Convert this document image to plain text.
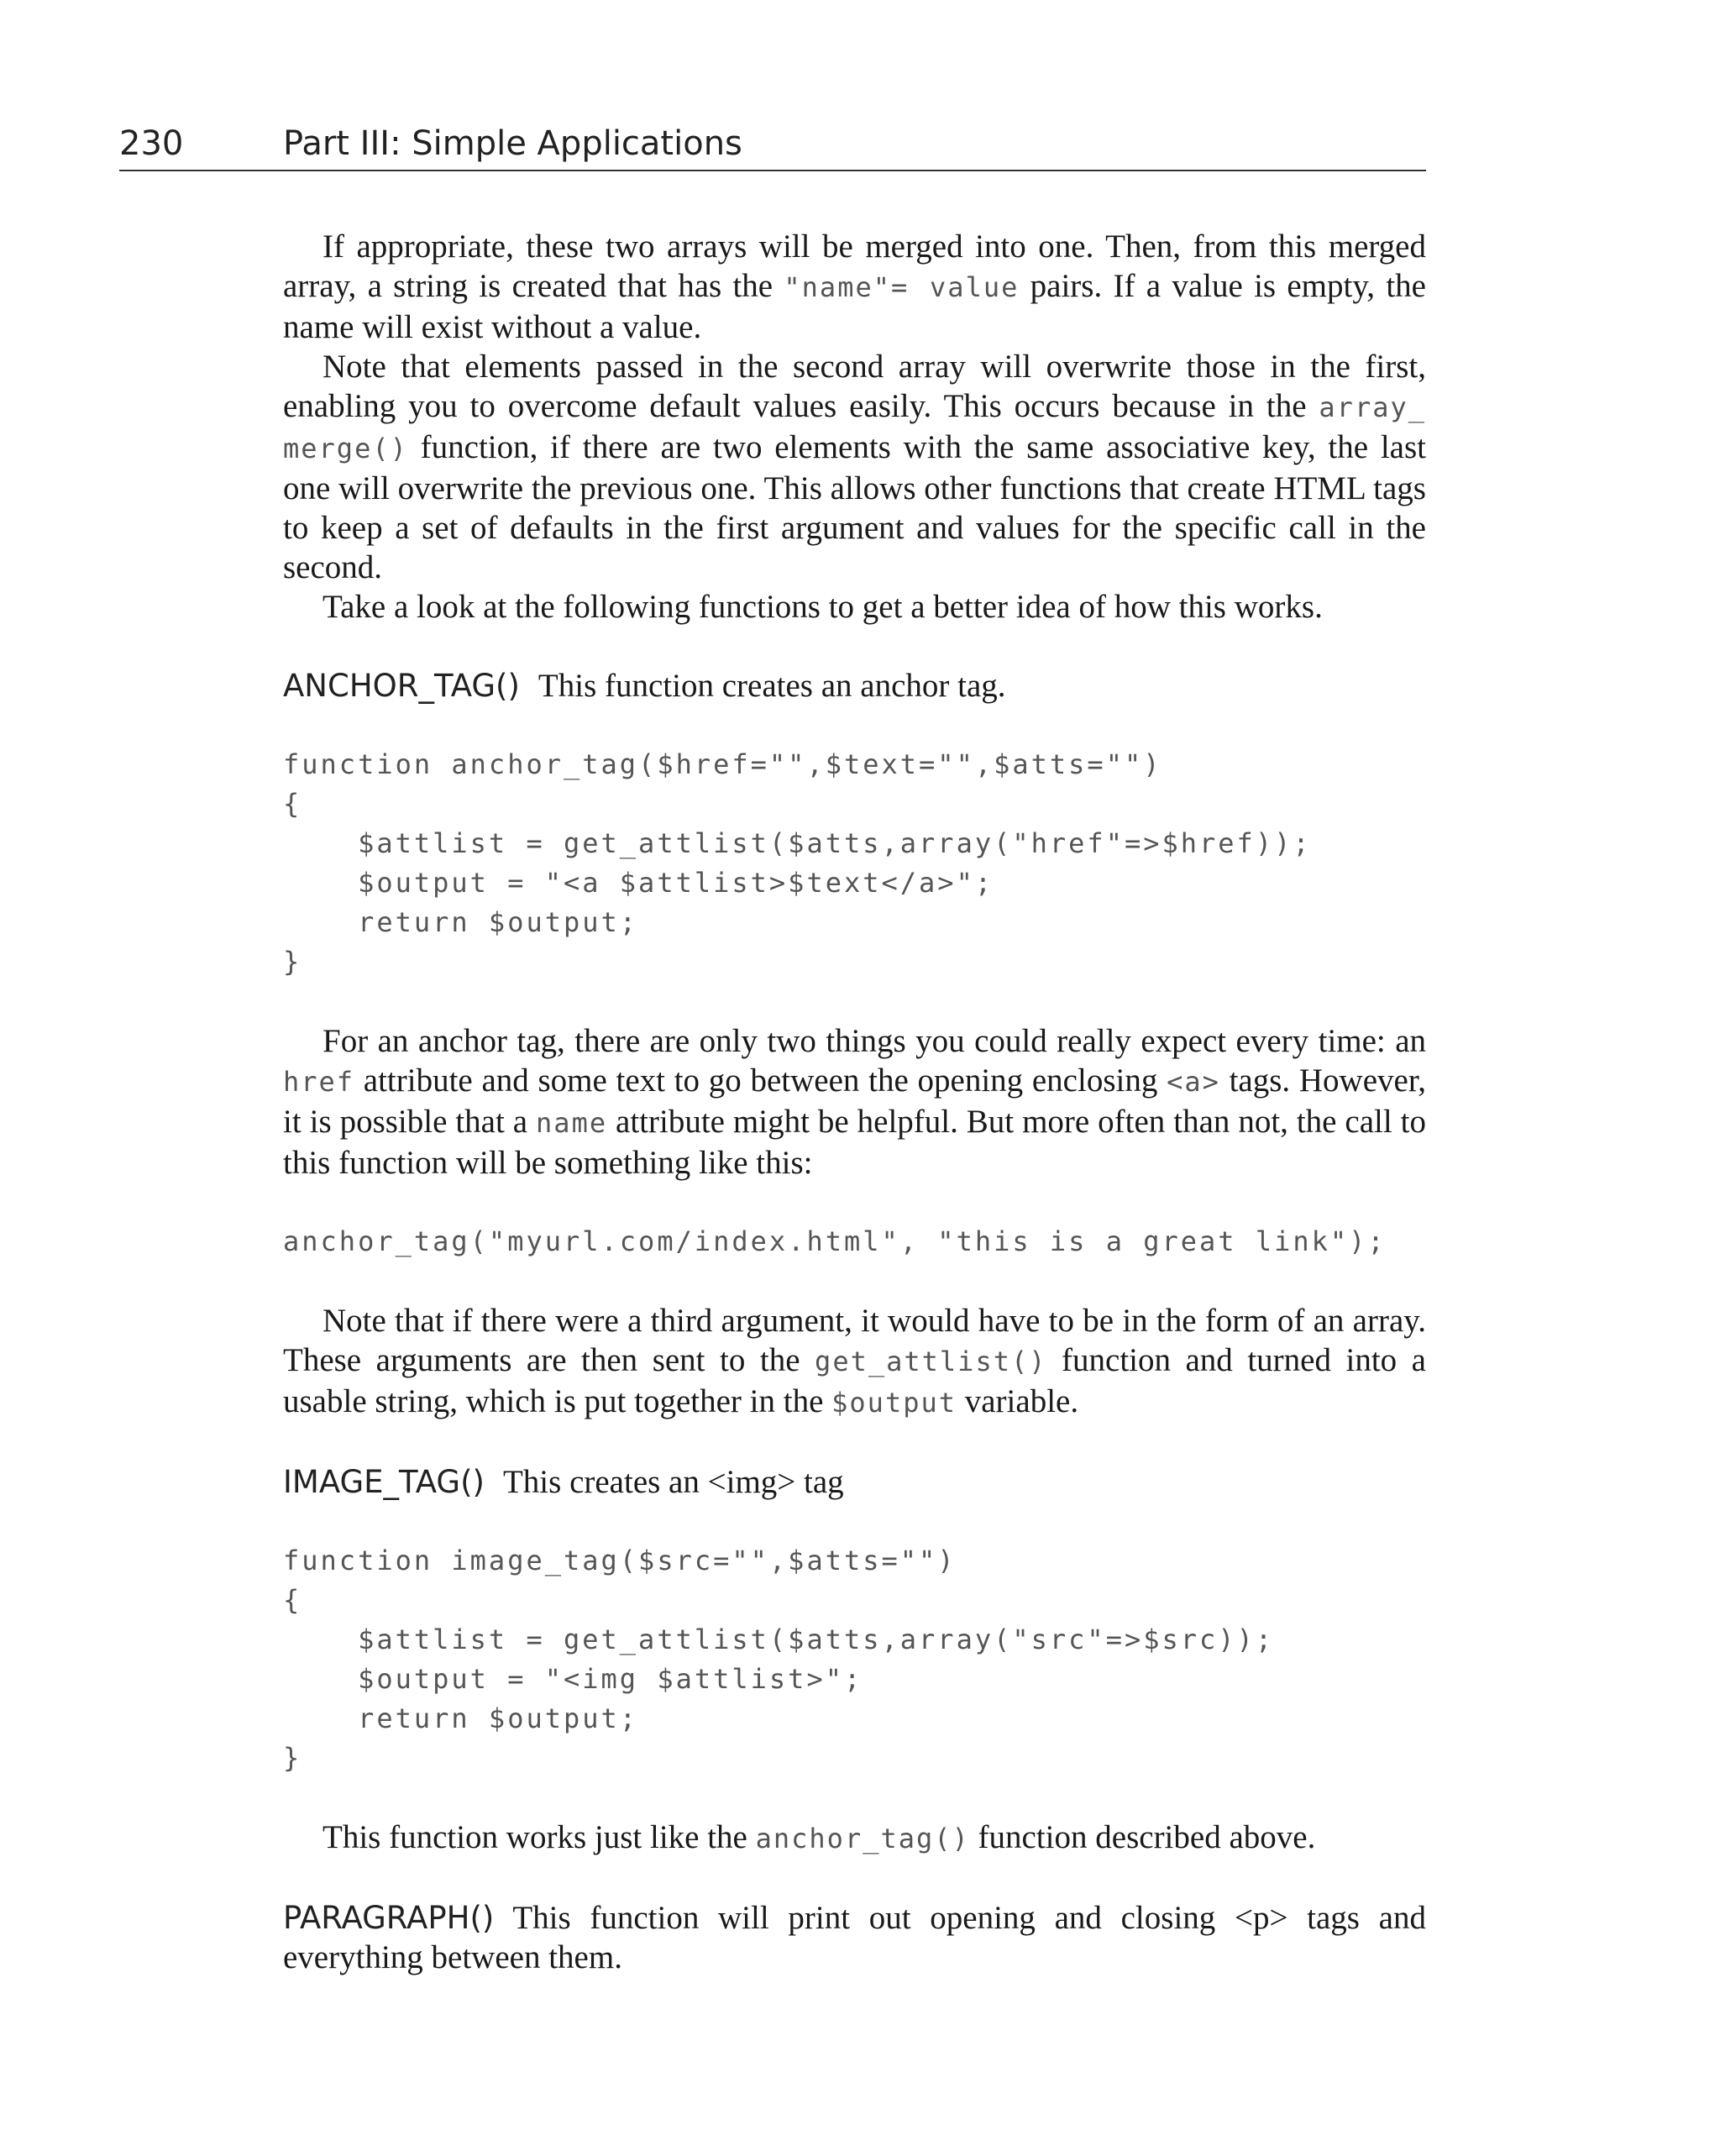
230	Part III: Simple Applications

If appropriate, these two arrays will be merged into one. Then, from this merged array, a string is created that has the "name"= value pairs. If a value is empty, the name will exist without a value.

Note that elements passed in the second array will overwrite those in the first, enabling you to overcome default values easily. This occurs because in the array_ merge() function, if there are two elements with the same associative key, the last one will overwrite the previous one. This allows other functions that create HTML tags to keep a set of defaults in the first argument and values for the specific call in the second.

Take a look at the following functions to get a better idea of how this works.

ANCHOR_TAG() This function creates an anchor tag.

function anchor_tag($href="",$text="",$atts="")
{
$attlist = get_attlist($atts,array("href"=>$href));
$output = "<a $attlist>$text</a>";
return $output;
}

For an anchor tag, there are only two things you could really expect every time: an href attribute and some text to go between the opening enclosing <a> tags. However, it is possible that a name attribute might be helpful. But more often than not, the call to this function will be something like this:

anchor_tag("myurl.com/index.html", "this is a great link");

Note that if there were a third argument, it would have to be in the form of an array. These arguments are then sent to the get_attlist() function and turned into a usable string, which is put together in the $output variable.

IMAGE_TAG() This creates an <img> tag

function image_tag($src="",$atts="")
{
$attlist = get_attlist($atts,array("src"=>$src));
$output = "<img $attlist>";
return $output;
}

This function works just like the anchor_tag() function described above.

PARAGRAPH() This function will print out opening and closing <p> tags and everything between them.
